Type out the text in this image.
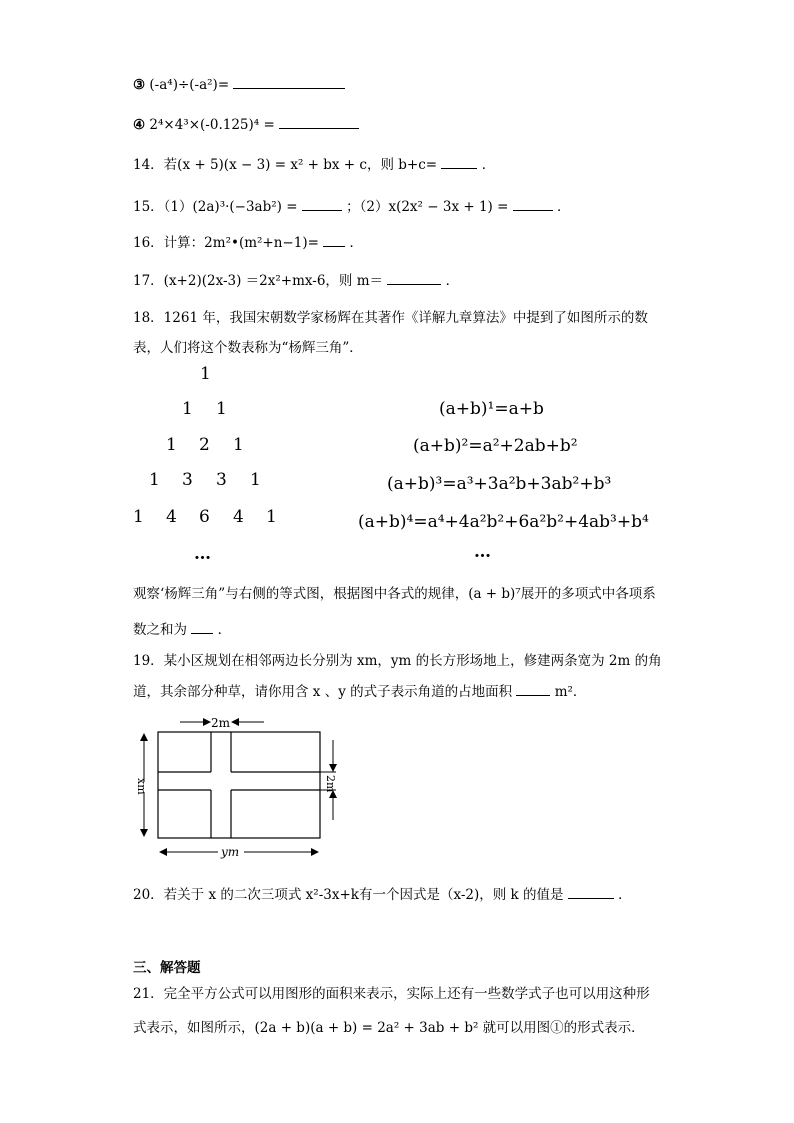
③ (-a⁴)÷(-a²)=
④ 2⁴×4³×(-0.125)⁴ =
14．若(x + 5)(x − 3) = x² + bx + c，则 b+c=	．
15．（1）(2a)³·(−3ab²) =	；（2）x(2x² − 3x + 1) =	．
16．计算：2m²•(m²+n−1)= ．
17．(x+2)(2x-3) ＝2x²+mx-6，则 m＝	．
18．1261 年，我国宋朝数学家杨辉在其著作《详解九章算法》中提到了如图所示的数
表，人们将这个数表称为“杨辉三角”．
1
1 1
1 2 1
1 3 3 1
1 4 6 4 1
…
(a+b)¹=a+b
(a+b)²=a²+2ab+b²
(a+b)³=a³+3a²b+3ab²+b³
(a+b)⁴=a⁴+4a²b²+6a²b²+4ab³+b⁴
…
观察‘杨辉三角”与右侧的等式图，根据图中各式的规律，(a + b)⁷展开的多项式中各项系
数之和为 ．
19．某小区规划在相邻两边长分别为 xm，ym 的长方形场地上，修建两条宽为 2m 的角
道，其余部分种草，请你用含 x 、y 的式子表示角道的占地面积	m²．
2m
2m
xm
ym
20．若关于 x 的二次三项式 x²-3x+k有一个因式是（x-2)，则 k 的值是	．
三、解答题
21．完全平方公式可以用图形的面积来表示，实际上还有一些数学式子也可以用这种形
式表示，如图所示，(2a + b)(a + b) = 2a² + 3ab + b² 就可以用图①的形式表示．
